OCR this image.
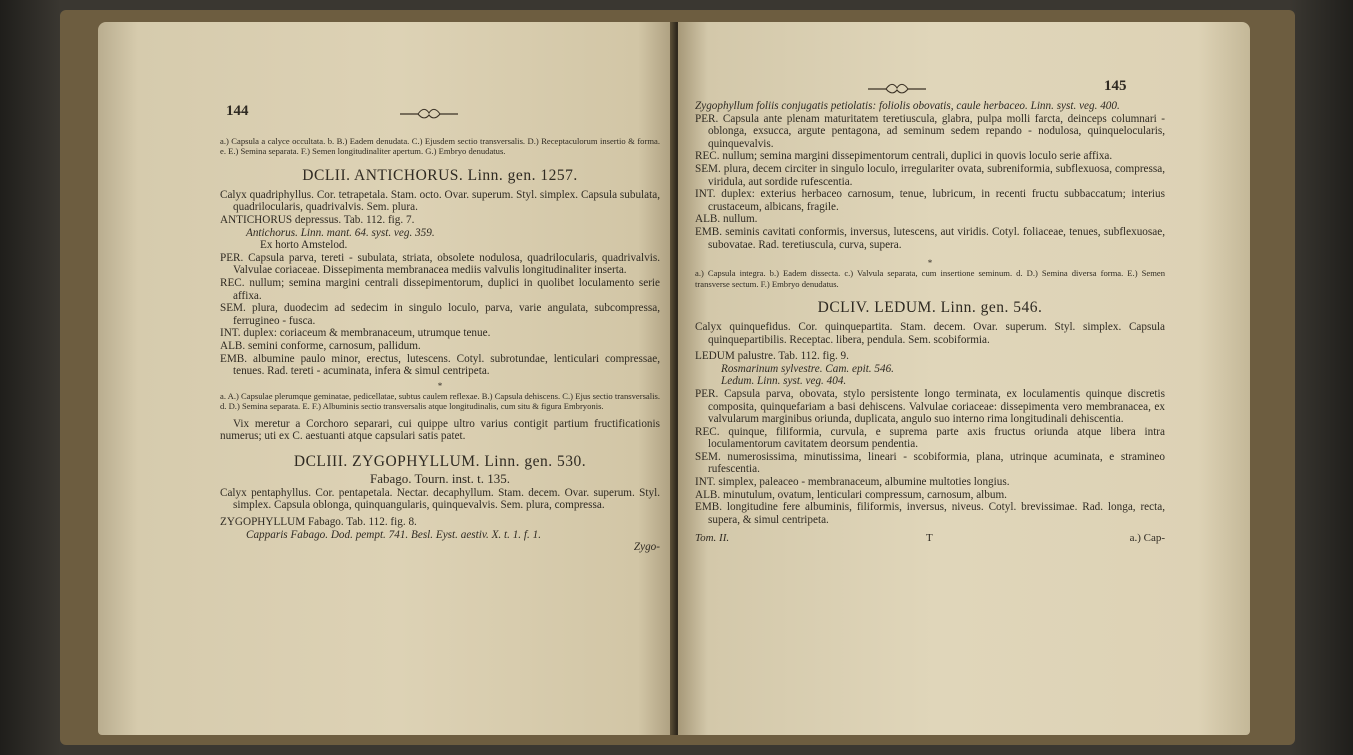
144

a.) Capsula a calyce occultata. b. B.) Eadem denudata. C.) Ejusdem sectio transversalis. D.) Receptaculorum insertio & forma. e. E.) Semina separata. F.) Semen longitudinaliter apertum. G.) Embryo denudatus.

DCLII. ANTICHORUS. Linn. gen. 1257.

Calyx quadriphyllus. Cor. tetrapetala. Stam. octo. Ovar. superum. Styl. simplex. Capsula subulata, quadrilocularis, quadrivalvis. Sem. plura.

ANTICHORUS depressus. Tab. 112. fig. 7.

Antichorus. Linn. mant. 64. syst. veg. 359.

Ex horto Amstelod.

PER. Capsula parva, tereti - subulata, striata, obsolete nodulosa, quadrilocularis, quadrivalvis. Valvulae coriaceae. Dissepimenta membranacea mediis valvulis longitudinaliter inserta.

REC. nullum; semina margini centrali dissepimentorum, duplici in quolibet loculamento serie affixa.

SEM. plura, duodecim ad sedecim in singulo loculo, parva, varie angulata, subcompressa, ferrugineo - fusca.

INT. duplex: coriaceum & membranaceum, utrumque tenue.

ALB. semini conforme, carnosum, pallidum.

EMB. albumine paulo minor, erectus, lutescens. Cotyl. subrotundae, lenticulari compressae, tenues. Rad. tereti - acuminata, infera & simul centripeta.

*

a. A.) Capsulae plerumque geminatae, pedicellatae, subtus caulem reflexae. B.) Capsula dehiscens. C.) Ejus sectio transversalis. d. D.) Semina separata. E. F.) Albuminis sectio transversalis atque longitudinalis, cum situ & figura Embryonis.

Vix meretur a Corchoro separari, cui quippe ultro varius contigit partium fructificationis numerus; uti ex C. aestuanti atque capsulari satis patet.

DCLIII. ZYGOPHYLLUM. Linn. gen. 530.

Fabago. Tourn. inst. t. 135.

Calyx pentaphyllus. Cor. pentapetala. Nectar. decaphyllum. Stam. decem. Ovar. superum. Styl. simplex. Capsula oblonga, quinquangularis, quinquevalvis. Sem. plura, compressa.

ZYGOPHYLLUM Fabago. Tab. 112. fig. 8.

Capparis Fabago. Dod. pempt. 741. Besl. Eyst. aestiv. X. t. 1. f. 1.

Zygo-

145

Zygophyllum foliis conjugatis petiolatis: foliolis obovatis, caule herbaceo. Linn. syst. veg. 400.

PER. Capsula ante plenam maturitatem teretiuscula, glabra, pulpa molli farcta, deinceps columnari - oblonga, exsucca, argute pentagona, ad seminum sedem repando - nodulosa, quinquelocularis, quinquevalvis.

REC. nullum; semina margini dissepimentorum centrali, duplici in quovis loculo serie affixa.

SEM. plura, decem circiter in singulo loculo, irregulariter ovata, subreniformia, subflexuosa, compressa, viridula, aut sordide rufescentia.

INT. duplex: exterius herbaceo carnosum, tenue, lubricum, in recenti fructu subbaccatum; interius crustaceum, albicans, fragile.

ALB. nullum.

EMB. seminis cavitati conformis, inversus, lutescens, aut viridis. Cotyl. foliaceae, tenues, subflexuosae, subovatae. Rad. teretiuscula, curva, supera.

*

a.) Capsula integra. b.) Eadem dissecta. c.) Valvula separata, cum insertione seminum. d. D.) Semina diversa forma. E.) Semen transverse sectum. F.) Embryo denudatus.

DCLIV. LEDUM. Linn. gen. 546.

Calyx quinquefidus. Cor. quinquepartita. Stam. decem. Ovar. superum. Styl. simplex. Capsula quinquepartibilis. Receptac. libera, pendula. Sem. scobiformia.

LEDUM palustre. Tab. 112. fig. 9.

Rosmarinum sylvestre. Cam. epit. 546.

Ledum. Linn. syst. veg. 404.

PER. Capsula parva, obovata, stylo persistente longo terminata, ex loculamentis quinque discretis composita, quinquefariam a basi dehiscens. Valvulae coriaceae: dissepimenta vero membranacea, ex valvularum marginibus oriunda, duplicata, angulo suo interno rima longitudinali dehiscentia.

REC. quinque, filiformia, curvula, e suprema parte axis fructus oriunda atque libera intra loculamentorum cavitatem deorsum pendentia.

SEM. numerosissima, minutissima, lineari - scobiformia, plana, utrinque acuminata, e stramineo rufescentia.

INT. simplex, paleaceo - membranaceum, albumine multoties longius.

ALB. minutulum, ovatum, lenticulari compressum, carnosum, album.

EMB. longitudine fere albuminis, filiformis, inversus, niveus. Cotyl. brevissimae. Rad. longa, recta, supera, & simul centripeta.

Tom. II.	T	a.) Cap-
